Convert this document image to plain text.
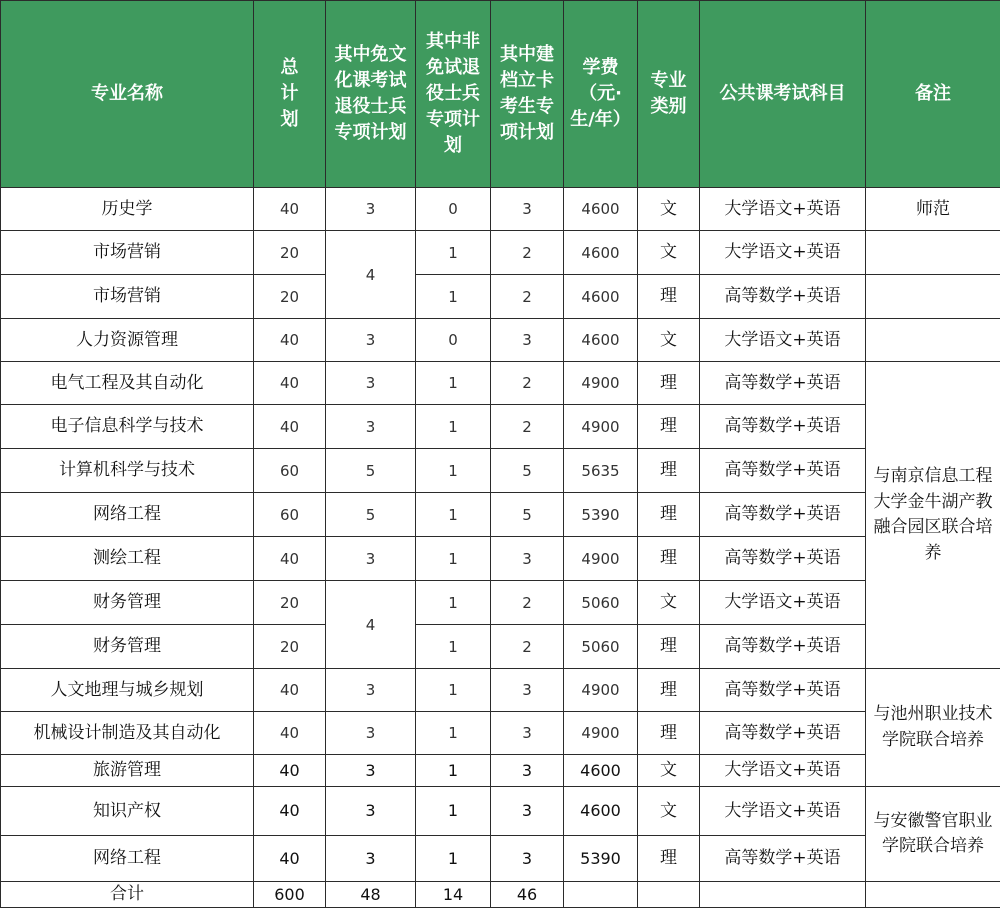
专业名称	总计划	其中免文化课考试退役士兵专项计划	其中非免试退役士兵专项计划	其中建档立卡考生专项计划	学费（元·生/年）	专业类别	公共课考试科目	备注
历史学	40	3	0	3	4600	文	大学语文+英语	师范
市场营销	20	4	1	2	4600	文	大学语文+英语	
市场营销	20		1	2	4600	理	高等数学+英语	
人力资源管理	40	3	0	3	4600	文	大学语文+英语	
电气工程及其自动化	40	3	1	2	4900	理	高等数学+英语	与南京信息工程大学金牛湖产教融合园区联合培养
电子信息科学与技术	40	3	1	2	4900	理	高等数学+英语	
计算机科学与技术	60	5	1	5	5635	理	高等数学+英语	
网络工程	60	5	1	5	5390	理	高等数学+英语	
测绘工程	40	3	1	3	4900	理	高等数学+英语	
财务管理	20	4	1	2	5060	文	大学语文+英语	
财务管理	20		1	2	5060	理	高等数学+英语	
人文地理与城乡规划	40	3	1	3	4900	理	高等数学+英语	与池州职业技术学院联合培养
机械设计制造及其自动化	40	3	1	3	4900	理	高等数学+英语	
旅游管理	40	3	1	3	4600	文	大学语文+英语	
知识产权	40	3	1	3	4600	文	大学语文+英语	与安徽警官职业学院联合培养
网络工程	40	3	1	3	5390	理	高等数学+英语	
合计	600	48	14	46				
